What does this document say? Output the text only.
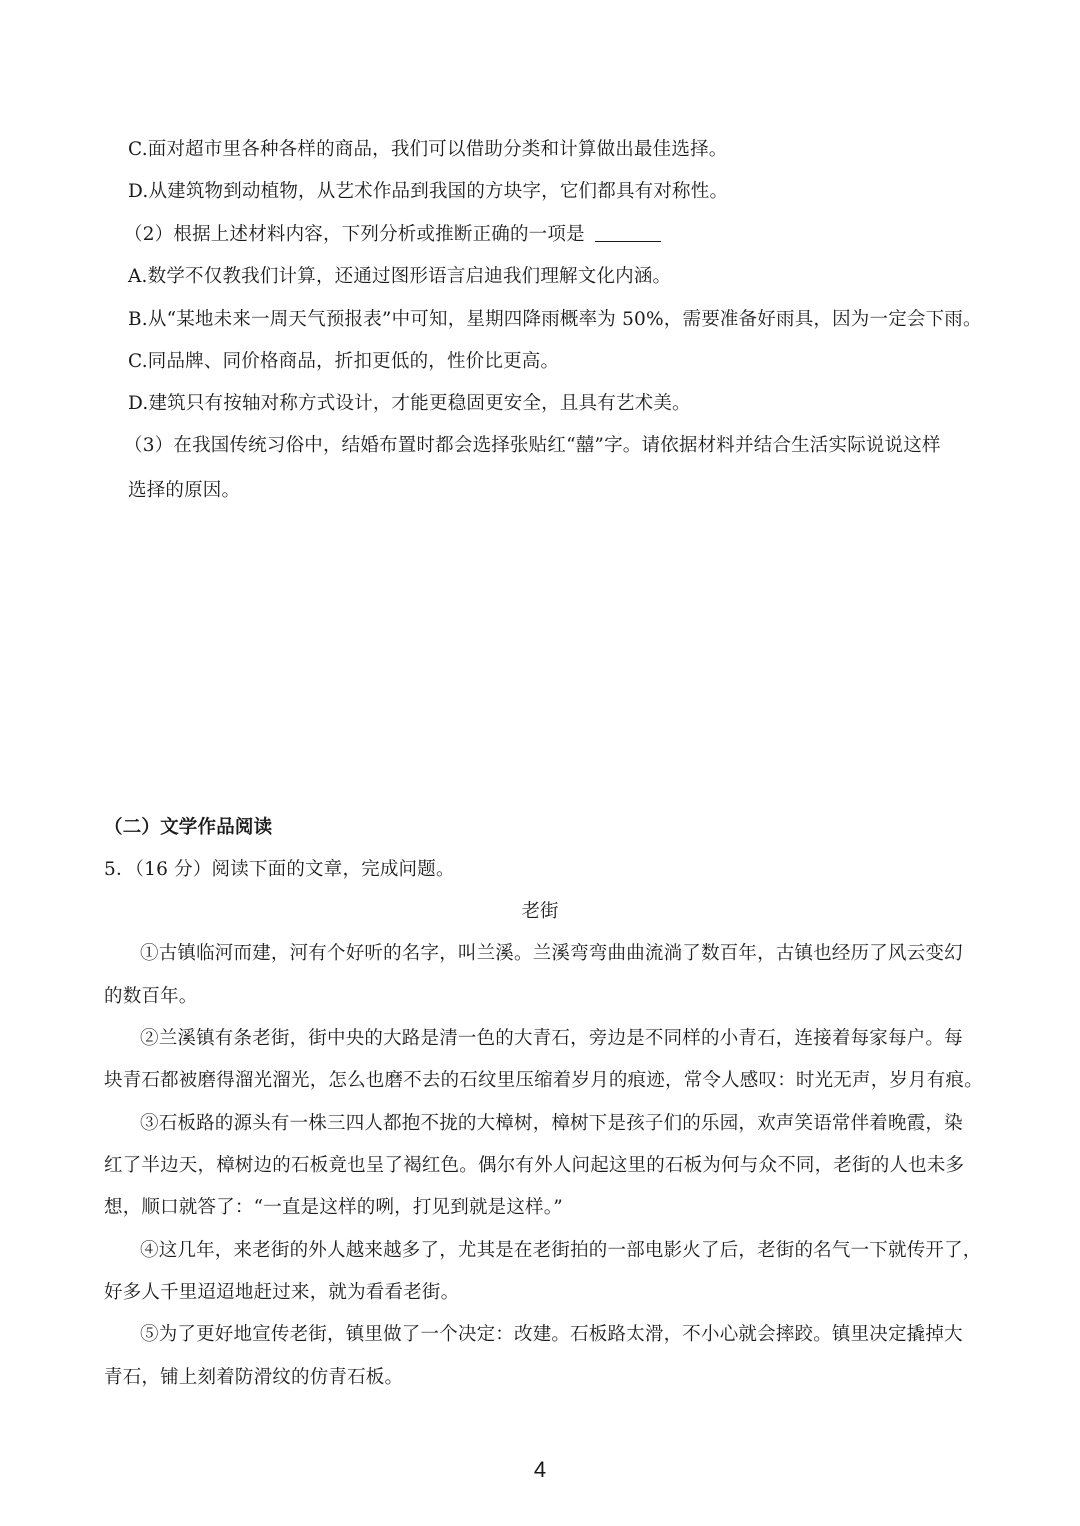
C.面对超市里各种各样的商品，我们可以借助分类和计算做出最佳选择。
D.从建筑物到动植物，从艺术作品到我国的方块字，它们都具有对称性。
（2）根据上述材料内容，下列分析或推断正确的一项是
A.数学不仅教我们计算，还通过图形语言启迪我们理解文化内涵。
B.从“某地未来一周天气预报表”中可知，星期四降雨概率为 50%，需要准备好雨具，因为一定会下雨。
C.同品牌、同价格商品，折扣更低的，性价比更高。
D.建筑只有按轴对称方式设计，才能更稳固更安全，且具有艺术美。
（3）在我国传统习俗中，结婚布置时都会选择张贴红“囍”字。请依据材料并结合生活实际说说这样
选择的原因。
（二）文学作品阅读
5．（16 分）阅读下面的文章，完成问题。
老街
①古镇临河而建，河有个好听的名字，叫兰溪。兰溪弯弯曲曲流淌了数百年，古镇也经历了风云变幻
的数百年。
②兰溪镇有条老街，街中央的大路是清一色的大青石，旁边是不同样的小青石，连接着每家每户。每
块青石都被磨得溜光溜光，怎么也磨不去的石纹里压缩着岁月的痕迹，常令人感叹：时光无声，岁月有痕。
③石板路的源头有一株三四人都抱不拢的大樟树，樟树下是孩子们的乐园，欢声笑语常伴着晚霞，染
红了半边天，樟树边的石板竟也呈了褐红色。偶尔有外人问起这里的石板为何与众不同，老街的人也未多
想，顺口就答了：“一直是这样的咧，打见到就是这样。”
④这几年，来老街的外人越来越多了，尤其是在老街拍的一部电影火了后，老街的名气一下就传开了，
好多人千里迢迢地赶过来，就为看看老街。
⑤为了更好地宣传老街，镇里做了一个决定：改建。石板路太滑，不小心就会摔跤。镇里决定撬掉大
青石，铺上刻着防滑纹的仿青石板。
4
